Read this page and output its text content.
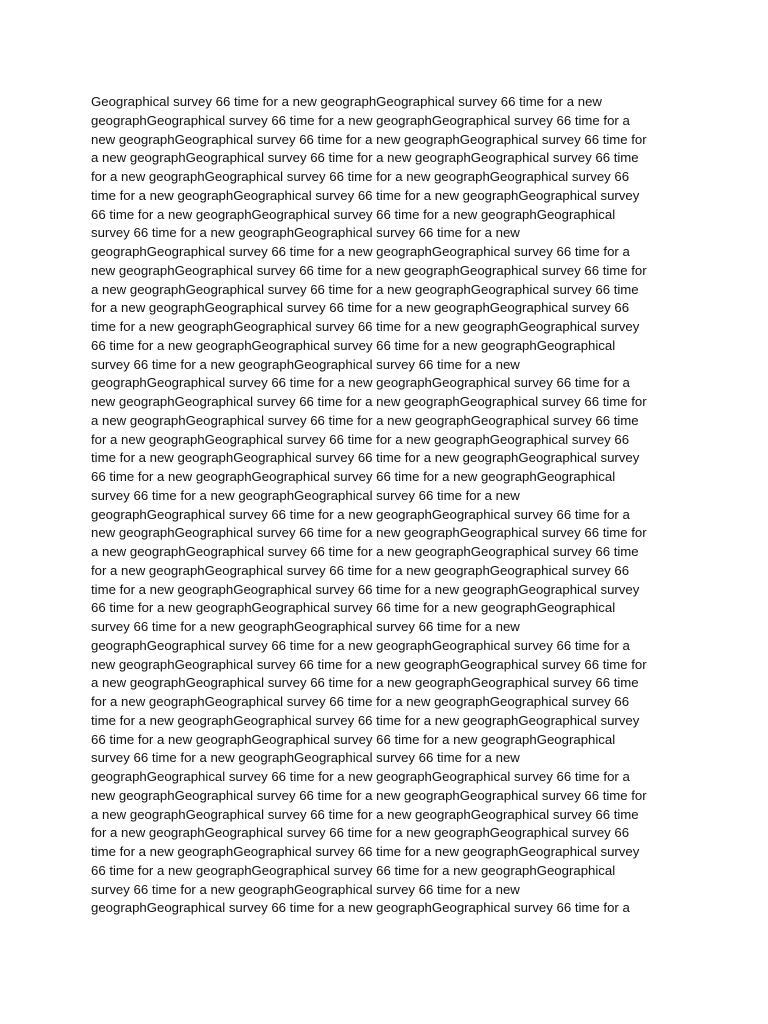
Geographical survey 66 time for a new geographGeographical survey 66 time for a new
geographGeographical survey 66 time for a new geographGeographical survey 66 time for a
new geographGeographical survey 66 time for a new geographGeographical survey 66 time for
a new geographGeographical survey 66 time for a new geographGeographical survey 66 time
for a new geographGeographical survey 66 time for a new geographGeographical survey 66
time for a new geographGeographical survey 66 time for a new geographGeographical survey
66 time for a new geographGeographical survey 66 time for a new geographGeographical
survey 66 time for a new geographGeographical survey 66 time for a new
geographGeographical survey 66 time for a new geographGeographical survey 66 time for a
new geographGeographical survey 66 time for a new geographGeographical survey 66 time for
a new geographGeographical survey 66 time for a new geographGeographical survey 66 time
for a new geographGeographical survey 66 time for a new geographGeographical survey 66
time for a new geographGeographical survey 66 time for a new geographGeographical survey
66 time for a new geographGeographical survey 66 time for a new geographGeographical
survey 66 time for a new geographGeographical survey 66 time for a new
geographGeographical survey 66 time for a new geographGeographical survey 66 time for a
new geographGeographical survey 66 time for a new geographGeographical survey 66 time for
a new geographGeographical survey 66 time for a new geographGeographical survey 66 time
for a new geographGeographical survey 66 time for a new geographGeographical survey 66
time for a new geographGeographical survey 66 time for a new geographGeographical survey
66 time for a new geographGeographical survey 66 time for a new geographGeographical
survey 66 time for a new geographGeographical survey 66 time for a new
geographGeographical survey 66 time for a new geographGeographical survey 66 time for a
new geographGeographical survey 66 time for a new geographGeographical survey 66 time for
a new geographGeographical survey 66 time for a new geographGeographical survey 66 time
for a new geographGeographical survey 66 time for a new geographGeographical survey 66
time for a new geographGeographical survey 66 time for a new geographGeographical survey
66 time for a new geographGeographical survey 66 time for a new geographGeographical
survey 66 time for a new geographGeographical survey 66 time for a new
geographGeographical survey 66 time for a new geographGeographical survey 66 time for a
new geographGeographical survey 66 time for a new geographGeographical survey 66 time for
a new geographGeographical survey 66 time for a new geographGeographical survey 66 time
for a new geographGeographical survey 66 time for a new geographGeographical survey 66
time for a new geographGeographical survey 66 time for a new geographGeographical survey
66 time for a new geographGeographical survey 66 time for a new geographGeographical
survey 66 time for a new geographGeographical survey 66 time for a new
geographGeographical survey 66 time for a new geographGeographical survey 66 time for a
new geographGeographical survey 66 time for a new geographGeographical survey 66 time for
a new geographGeographical survey 66 time for a new geographGeographical survey 66 time
for a new geographGeographical survey 66 time for a new geographGeographical survey 66
time for a new geographGeographical survey 66 time for a new geographGeographical survey
66 time for a new geographGeographical survey 66 time for a new geographGeographical
survey 66 time for a new geographGeographical survey 66 time for a new
geographGeographical survey 66 time for a new geographGeographical survey 66 time for a
